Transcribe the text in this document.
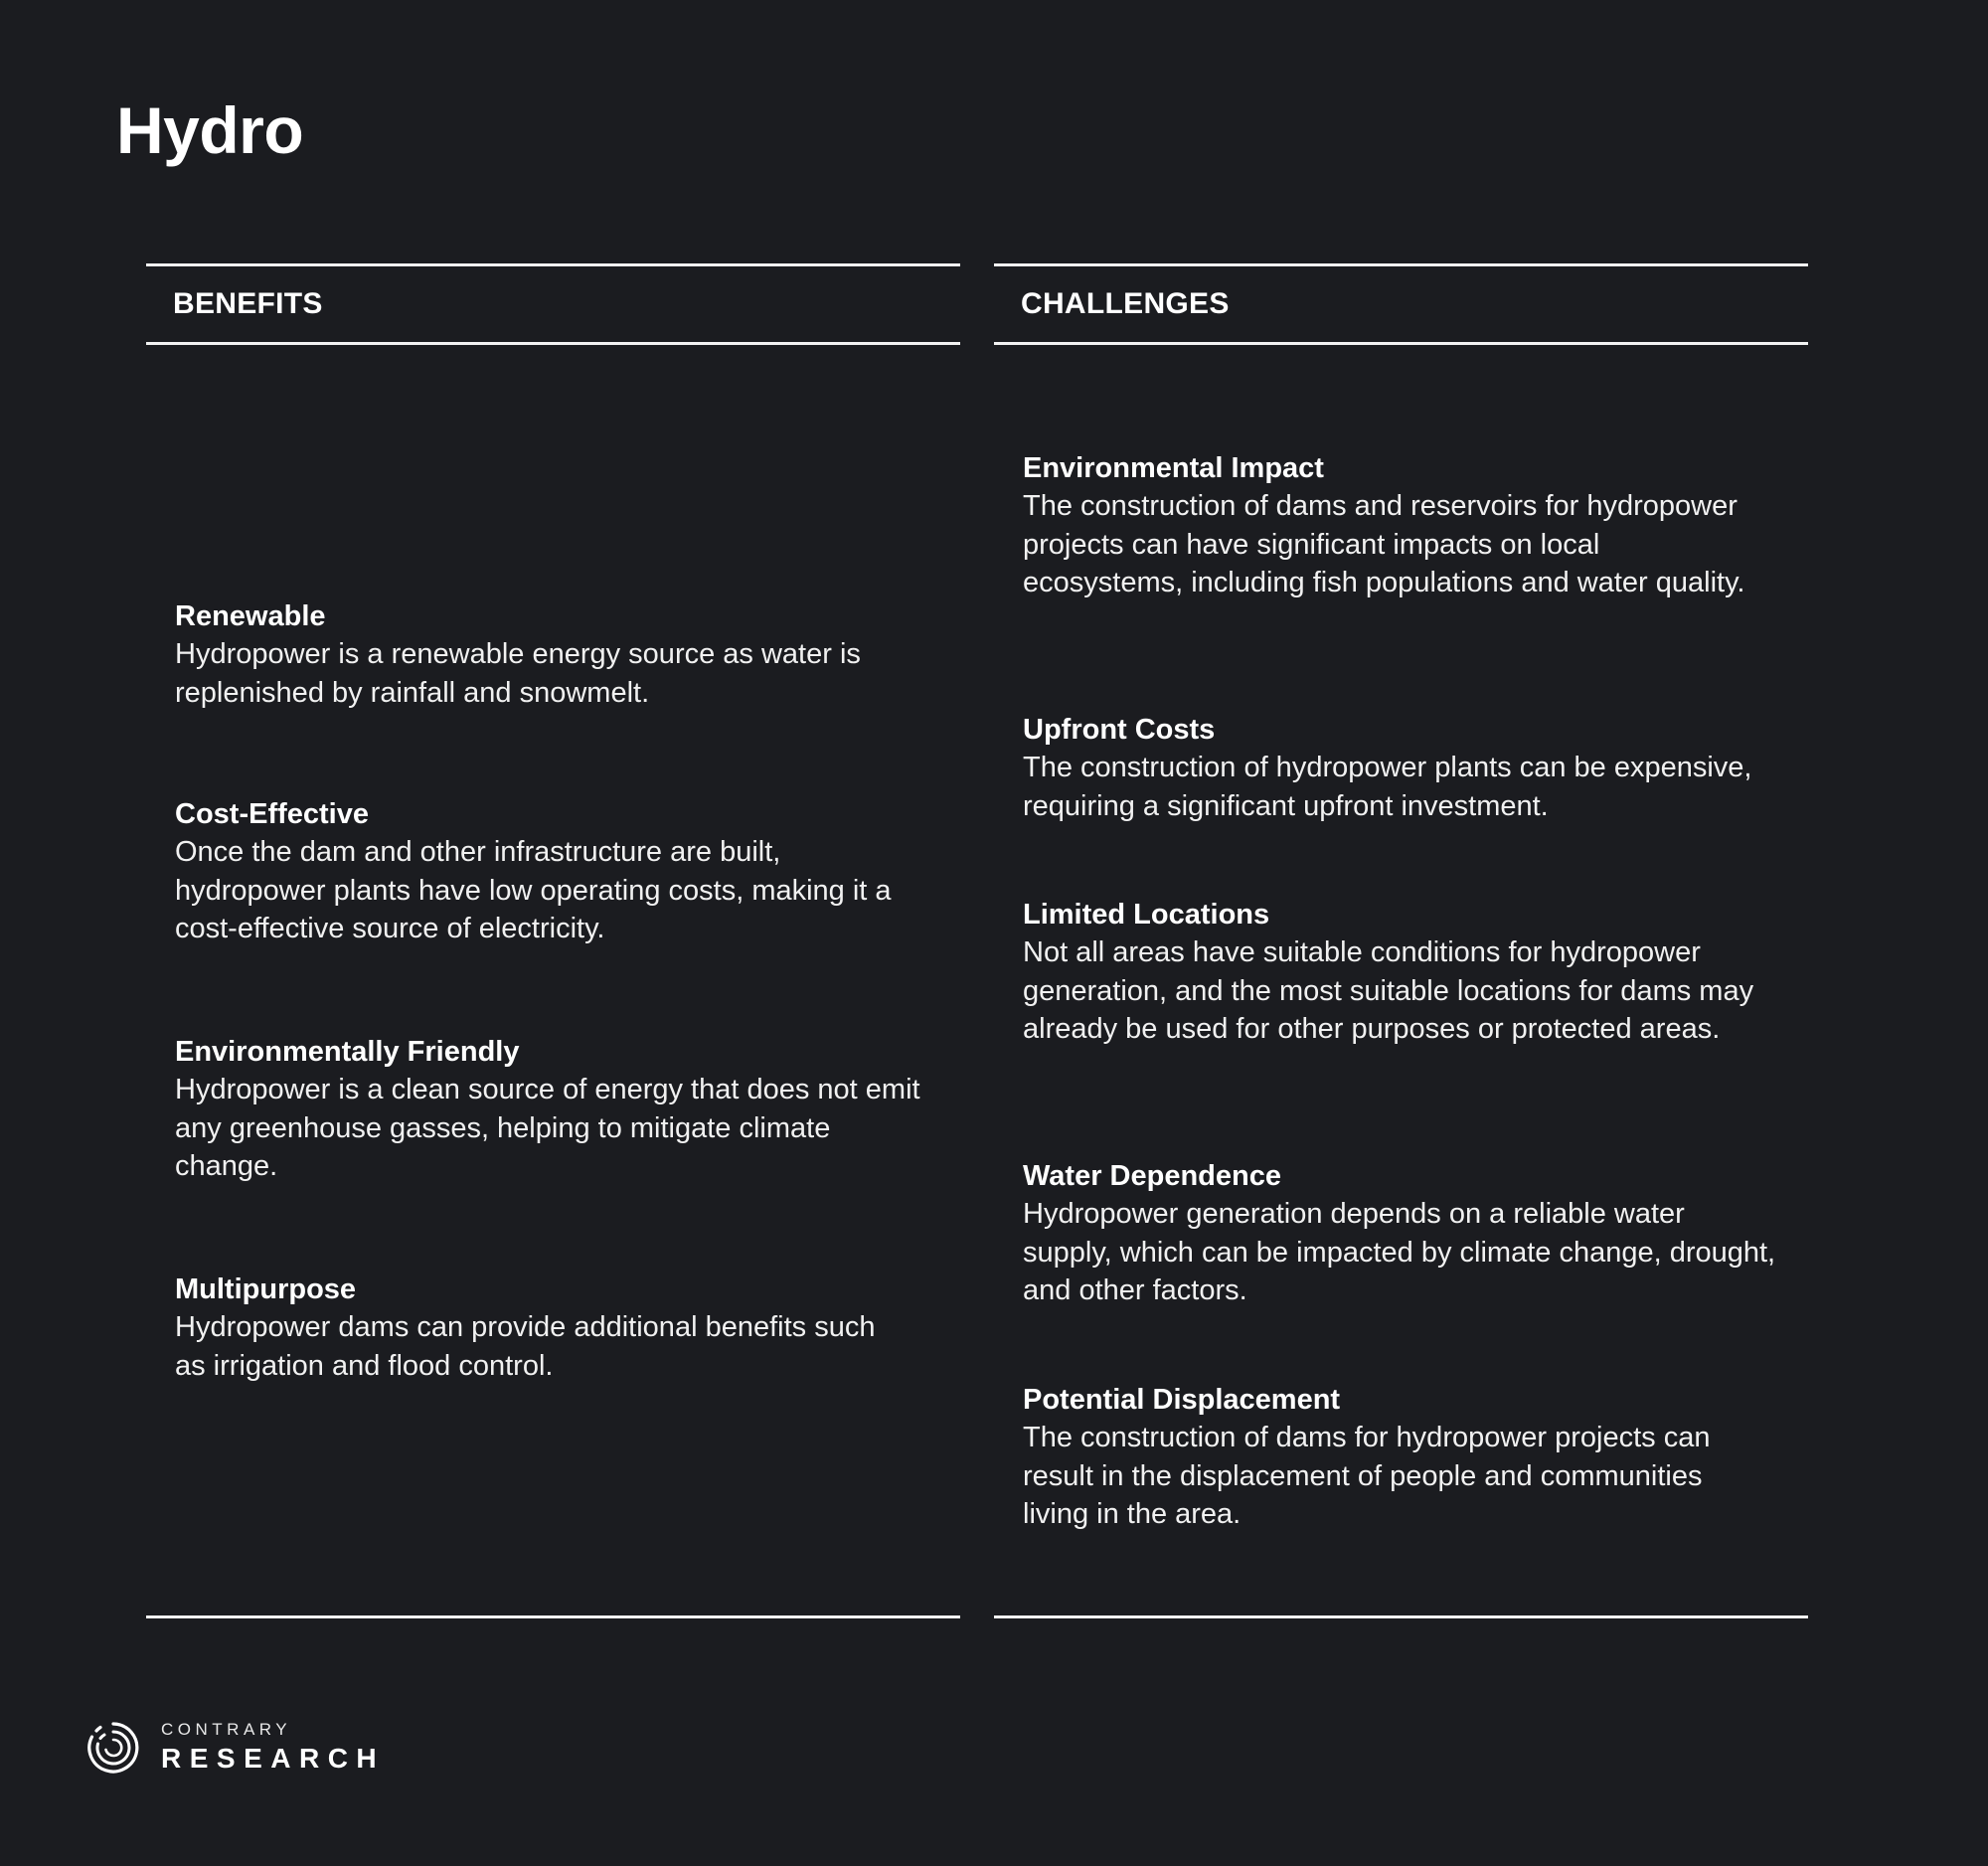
Hydro
BENEFITS

Renewable

Hydropower is a renewable energy source as water is replenished by rainfall and snowmelt.

Cost-Effective

Once the dam and other infrastructure are built, hydropower plants have low operating costs, making it a cost-effective source of electricity.

Environmentally Friendly

Hydropower is a clean source of energy that does not emit any greenhouse gasses, helping to mitigate climate change.

Multipurpose

Hydropower dams can provide additional benefits such as irrigation and flood control.

CHALLENGES

Environmental Impact

The construction of dams and reservoirs for hydropower projects can have significant impacts on local ecosystems, including fish populations and water quality.

Upfront Costs

The construction of hydropower plants can be expensive, requiring a significant upfront investment.

Limited Locations

Not all areas have suitable conditions for hydropower generation, and the most suitable locations for dams may already be used for other purposes or protected areas.

Water Dependence

Hydropower generation depends on a reliable water supply, which can be impacted by climate change, drought, and other factors.

Potential Displacement

The construction of dams for hydropower projects can result in the displacement of people and communities living in the area.

CONTRARY
RESEARCH
